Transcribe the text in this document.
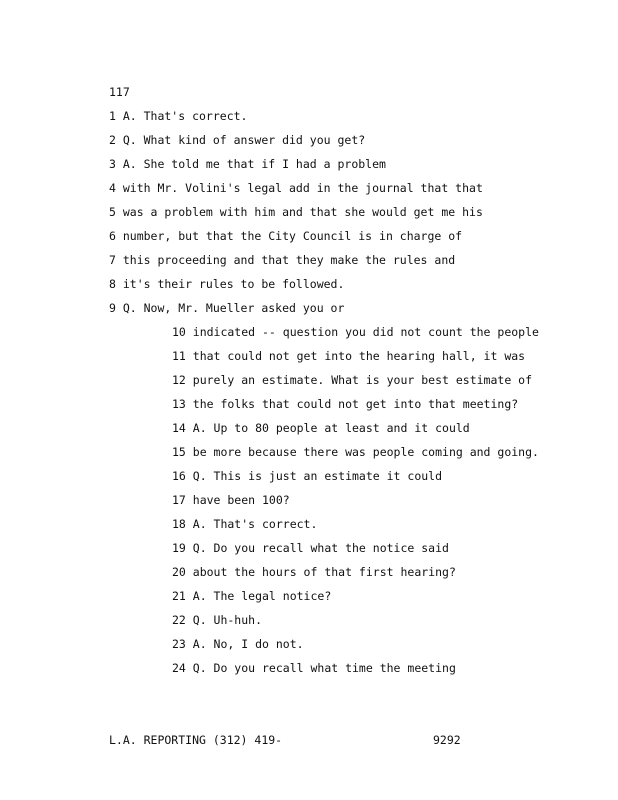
117
1 A. That's correct.
2 Q. What kind of answer did you get?
3 A. She told me that if I had a problem
4 with Mr. Volini's legal add in the journal that that
5 was a problem with him and that she would get me his
6 number, but that the City Council is in charge of
7 this proceeding and that they make the rules and
8 it's their rules to be followed.
9 Q. Now, Mr. Mueller asked you or
10 indicated -- question you did not count the people
11 that could not get into the hearing hall, it was
12 purely an estimate. What is your best estimate of
13 the folks that could not get into that meeting?
14 A. Up to 80 people at least and it could
15 be more because there was people coming and going.
16 Q. This is just an estimate it could
17 have been 100?
18 A. That's correct.
19 Q. Do you recall what the notice said
20 about the hours of that first hearing?
21 A. The legal notice?
22 Q. Uh-huh.
23 A. No, I do not.
24 Q. Do you recall what time the meeting
L.A. REPORTING (312) 419-	9292
